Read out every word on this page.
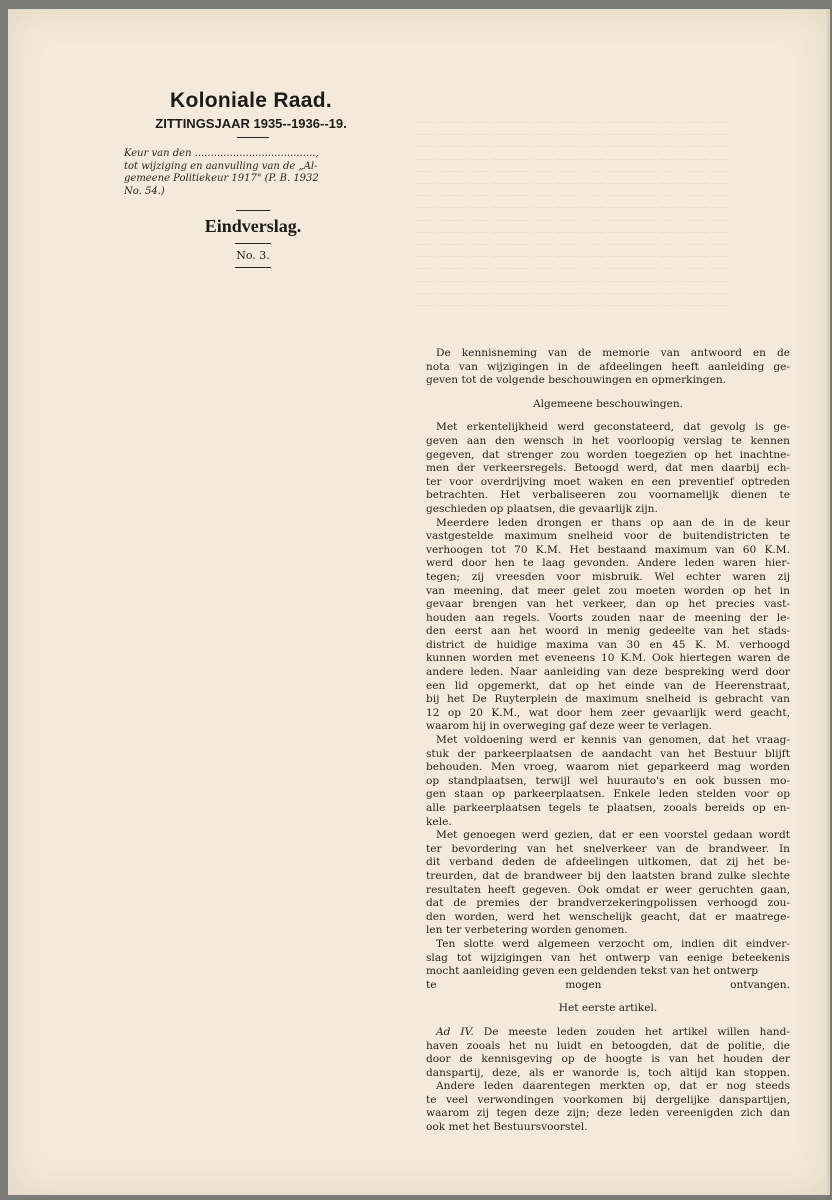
Koloniale Raad.
ZITTINGSJAAR 1935--1936--19.
Keur van den ......................................,
tot wijziging en aanvulling van de „Al-
gemeene Politiekeur 1917" (P. B. 1932
No. 54.)
Eindverslag.
No. 3.
—— ——— —— ———— —— ——— —— ————— —— ——— ——
—— ——— —— ———— —— ——— —— ————— —— ——— ——
—— ——— —— ———— —— ——— —— ————— —— ——— ——
—— ——— —— ———— —— ——— —— ————— —— ——— ——
—— ——— —— ———— —— ——— —— ————— —— ——— ——
—— ——— —— ———— —— ——— —— ————— —— ——— ——
—— ——— —— ———— —— ——— —— ————— —— ——— ——
—— ——— —— ———— —— ——— —— ————— —— ——— ——
—— ——— —— ———— —— ——— —— ————— —— ——— ——
—— ——— —— ———— —— ——— —— ————— —— ——— ——
—— ——— —— ———— —— ——— —— ————— —— ——— ——
—— ——— —— ———— —— ——— —— ————— —— ——— ——
—— ——— —— ———— —— ——— —— ————— —— ——— ——
—— ——— —— ———— —— ——— —— ————— —— ——— ——
—— ——— —— ———— —— ——— —— ————— —— ——— ——
—— ——— —— ———— —— ——— —— ————— —— ——— ——
De kennisneming van de memorie van antwoord en de
nota van wijzigingen in de afdeelingen heeft aanleiding ge-
geven tot de volgende beschouwingen en opmerkingen.
Algemeene beschouwingen.
Met erkentelijkheid werd geconstateerd, dat gevolg is ge-
geven aan den wensch in het voorloopig verslag te kennen
gegeven, dat strenger zou worden toegezien op het inachtne-
men der verkeersregels. Betoogd werd, dat men daarbij ech-
ter voor overdrijving moet waken en een preventief optreden
betrachten. Het verbaliseeren zou voornamelijk dienen te
geschieden op plaatsen, die gevaarlijk zijn.
Meerdere leden drongen er thans op aan de in de keur
vastgestelde maximum snelheid voor de buitendistricten te
verhoogen tot 70 K.M. Het bestaand maximum van 60 K.M.
werd door hen te laag gevonden. Andere leden waren hier-
tegen; zij vreesden voor misbruik. Wel echter waren zij
van meening, dat meer gelet zou moeten worden op het in
gevaar brengen van het verkeer, dan op het precies vast-
houden aan regels. Voorts zouden naar de meening der le-
den eerst aan het woord in menig gedeelte van het stads-
district de huidige maxima van 30 en 45 K. M. verhoogd
kunnen worden met eveneens 10 K.M. Ook hiertegen waren de
andere leden. Naar aanleiding van deze bespreking werd door
een lid opgemerkt, dat op het einde van de Heerenstraat,
bij het De Ruyterplein de maximum snelheid is gebracht van
12 op 20 K.M., wat door hem zeer gevaarlijk werd geacht,
waarom hij in overweging gaf deze weer te verlagen.
Met voldoening werd er kennis van genomen, dat het vraag-
stuk der parkeerplaatsen de aandacht van het Bestuur blijft
behouden. Men vroeg, waarom niet geparkeerd mag worden
op standplaatsen, terwijl wel huurauto's en ook bussen mo-
gen staan op parkeerplaatsen. Enkele leden stelden voor op
alle parkeerplaatsen tegels te plaatsen, zooals bereids op en-
kele.
Met genoegen werd gezien, dat er een voorstel gedaan wordt
ter bevordering van het snelverkeer van de brandweer. In
dit verband deden de afdeelingen uitkomen, dat zij het be-
treurden, dat de brandweer bij den laatsten brand zulke slechte
resultaten heeft gegeven. Ook omdat er weer geruchten gaan,
dat de premies der brandverzekeringpolissen verhoogd zou-
den worden, werd het wenschelijk geacht, dat er maatrege-
len ter verbetering worden genomen.
Ten slotte werd algemeen verzocht om, indien dit eindver-
slag tot wijzigingen van het ontwerp van eenige beteekenis
mocht aanleiding geven een geldenden tekst van het ontwerp
te mogen ontvangen.
Het eerste artikel.
Ad IV. De meeste leden zouden het artikel willen hand-
haven zooals het nu luidt en betoogden, dat de politie, die
door de kennisgeving op de hoogte is van het houden der
danspartij, deze, als er wanorde is, toch altijd kan stoppen.
Andere leden daarentegen merkten op, dat er nog steeds
te veel verwondingen voorkomen bij dergelijke danspartijen,
waarom zij tegen deze zijn; deze leden vereenigden zich dan
ook met het Bestuursvoorstel.
